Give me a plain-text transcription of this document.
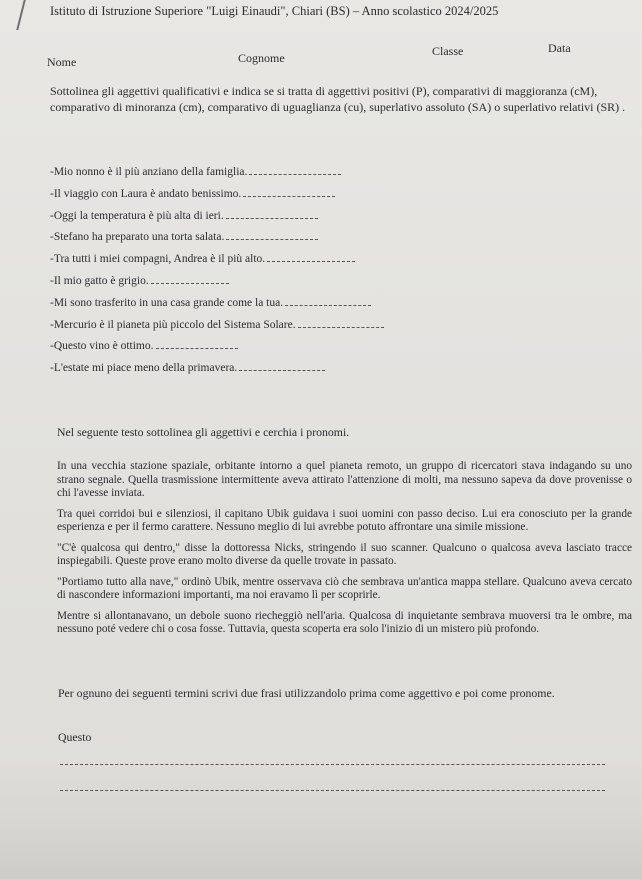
Istituto di Istruzione Superiore "Luigi Einaudi", Chiari (BS) – Anno scolastico 2024/2025
Classe	Data
Nome	Cognome
Sottolinea gli aggettivi qualificativi e indica se si tratta di aggettivi positivi (P), comparativi di maggioranza (cM), comparativo di minoranza (cm), comparativo di uguaglianza (cu), superlativo assoluto (SA) o superlativo relativi (SR) .
-Mio nonno è il più anziano della famiglia.
-Il viaggio con Laura è andato benissimo.
-Oggi la temperatura è più alta di ieri.
-Stefano ha preparato una torta salata.
-Tra tutti i miei compagni, Andrea è il più alto.
-Il mio gatto è grigio.
-Mi sono trasferito in una casa grande come la tua.
-Mercurio è il pianeta più piccolo del Sistema Solare.
-Questo vino è ottimo.
-L'estate mi piace meno della primavera.
Nel seguente testo sottolinea gli aggettivi e cerchia i pronomi.

In una vecchia stazione spaziale, orbitante intorno a quel pianeta remoto, un gruppo di ricercatori stava indagando su uno strano segnale. Quella trasmissione intermittente aveva attirato l'attenzione di molti, ma nessuno sapeva da dove provenisse o chi l'avesse inviata.

Tra quei corridoi bui e silenziosi, il capitano Ubik guidava i suoi uomini con passo deciso. Lui era conosciuto per la grande esperienza e per il fermo carattere. Nessuno meglio di lui avrebbe potuto affrontare una simile missione.

"C'è qualcosa qui dentro," disse la dottoressa Nicks, stringendo il suo scanner. Qualcuno o qualcosa aveva lasciato tracce inspiegabili. Queste prove erano molto diverse da quelle trovate in passato.

"Portiamo tutto alla nave," ordinò Ubik, mentre osservava ciò che sembrava un'antica mappa stellare. Qualcuno aveva cercato di nascondere informazioni importanti, ma noi eravamo lì per scoprirle.

Mentre si allontanavano, un debole suono riecheggiò nell'aria. Qualcosa di inquietante sembrava muoversi tra le ombre, ma nessuno poté vedere chi o cosa fosse. Tuttavia, questa scoperta era solo l'inizio di un mistero più profondo.

Per ognuno dei seguenti termini scrivi due frasi utilizzandolo prima come aggettivo e poi come pronome.
Questo
